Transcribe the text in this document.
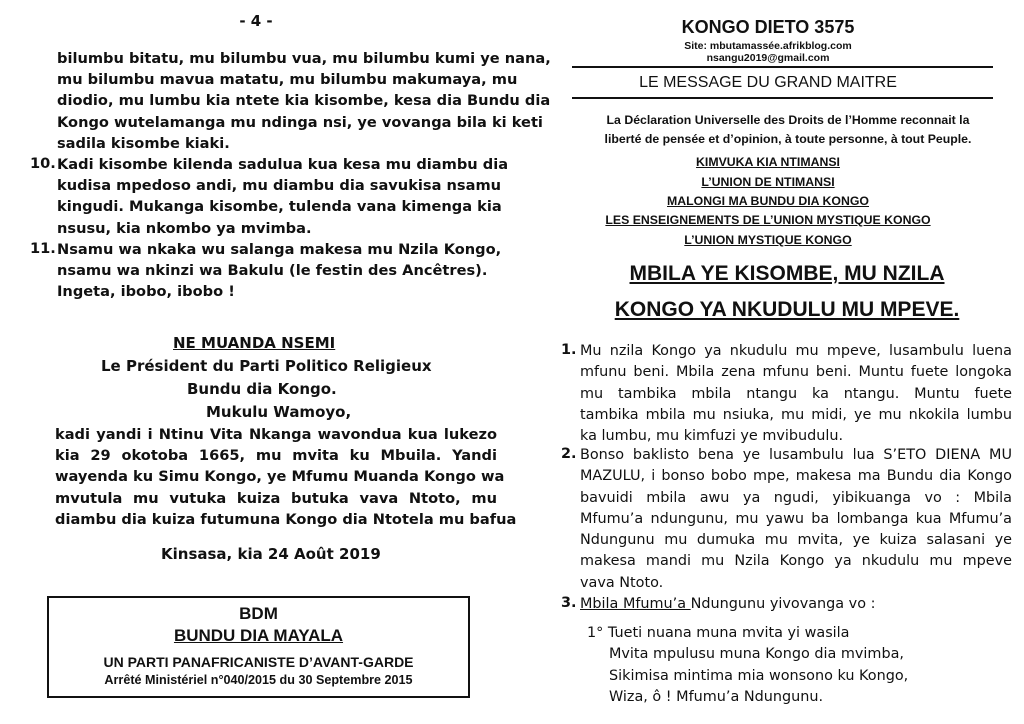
- 4 -
bilumbu bitatu, mu bilumbu vua, mu bilumbu kumi ye nana,
mu bilumbu mavua matatu, mu bilumbu makumaya, mu
diodio, mu lumbu kia ntete kia kisombe, kesa dia Bundu dia
Kongo wutelamanga mu ndinga nsi, ye vovanga bila ki keti
sadila kisombe kiaki.
10. Kadi kisombe kilenda sadulua kua kesa mu diambu dia
kudisa mpedoso andi, mu diambu dia savukisa nsamu
kingudi. Mukanga kisombe, tulenda vana kimenga kia
nsusu, kia nkombo ya mvimba.
11. Nsamu wa nkaka wu salanga makesa mu Nzila Kongo,
nsamu wa nkinzi wa Bakulu (le festin des Ancêtres).
Ingeta, ibobo, ibobo !
NE MUANDA NSEMI
Le Président du Parti Politico Religieux
Bundu dia Kongo.
Mukulu Wamoyo,
kadi yandi i Ntinu Vita Nkanga wavondua kua lukezo
kia 29 okotoba 1665, mu mvita ku Mbuila. Yandi
wayenda ku Simu Kongo, ye Mfumu Muanda Kongo wa
mvutula mu vutuka kuiza butuka vava Ntoto, mu
diambu dia kuiza futumuna Kongo dia Ntotela mu bafua
Kinsasa, kia 24 Août 2019
BDM
BUNDU DIA MAYALA
UN PARTI PANAFRICANISTE D’AVANT-GARDE
Arrêté Ministériel n°040/2015 du 30 Septembre 2015
KONGO DIETO 3575
Site: mbutamassée.afrikblog.com
nsangu2019@gmail.com
LE MESSAGE DU GRAND MAITRE
La Déclaration Universelle des Droits de l’Homme reconnait la
liberté de pensée et d’opinion, à toute personne, à tout Peuple.
KIMVUKA KIA NTIMANSI
L’UNION DE NTIMANSI
MALONGI MA BUNDU DIA KONGO
LES ENSEIGNEMENTS DE L’UNION MYSTIQUE KONGO
L’UNION MYSTIQUE KONGO
MBILA YE KISOMBE, MU NZILA
KONGO YA NKUDULU MU MPEVE.
1. Mu nzila Kongo ya nkudulu mu mpeve, lusambulu luena
mfunu beni. Mbila zena mfunu beni. Muntu fuete longoka
mu tambika mbila ntangu ka ntangu. Muntu fuete
tambika mbila mu nsiuka, mu midi, ye mu nkokila lumbu
ka lumbu, mu kimfuzi ye mvibudulu.
2. Bonso baklisto bena ye lusambulu lua S’ETO DIENA MU
MAZULU, i bonso bobo mpe, makesa ma Bundu dia Kongo
bavuidi mbila awu ya ngudi, yibikuanga vo : Mbila
Mfumu’a ndungunu, mu yawu ba lombanga kua Mfumu’a
Ndungunu mu dumuka mu mvita, ye kuiza salasani ye
makesa mandi mu Nzila Kongo ya nkudulu mu mpeve
vava Ntoto.
3. Mbila Mfumu’a Ndungunu yivovanga vo :
1° Tueti nuana muna mvita yi wasila
Mvita mpulusu muna Kongo dia mvimba,
Sikimisa mintima mia wonsono ku Kongo,
Wiza, ô ! Mfumu’a Ndungunu.
